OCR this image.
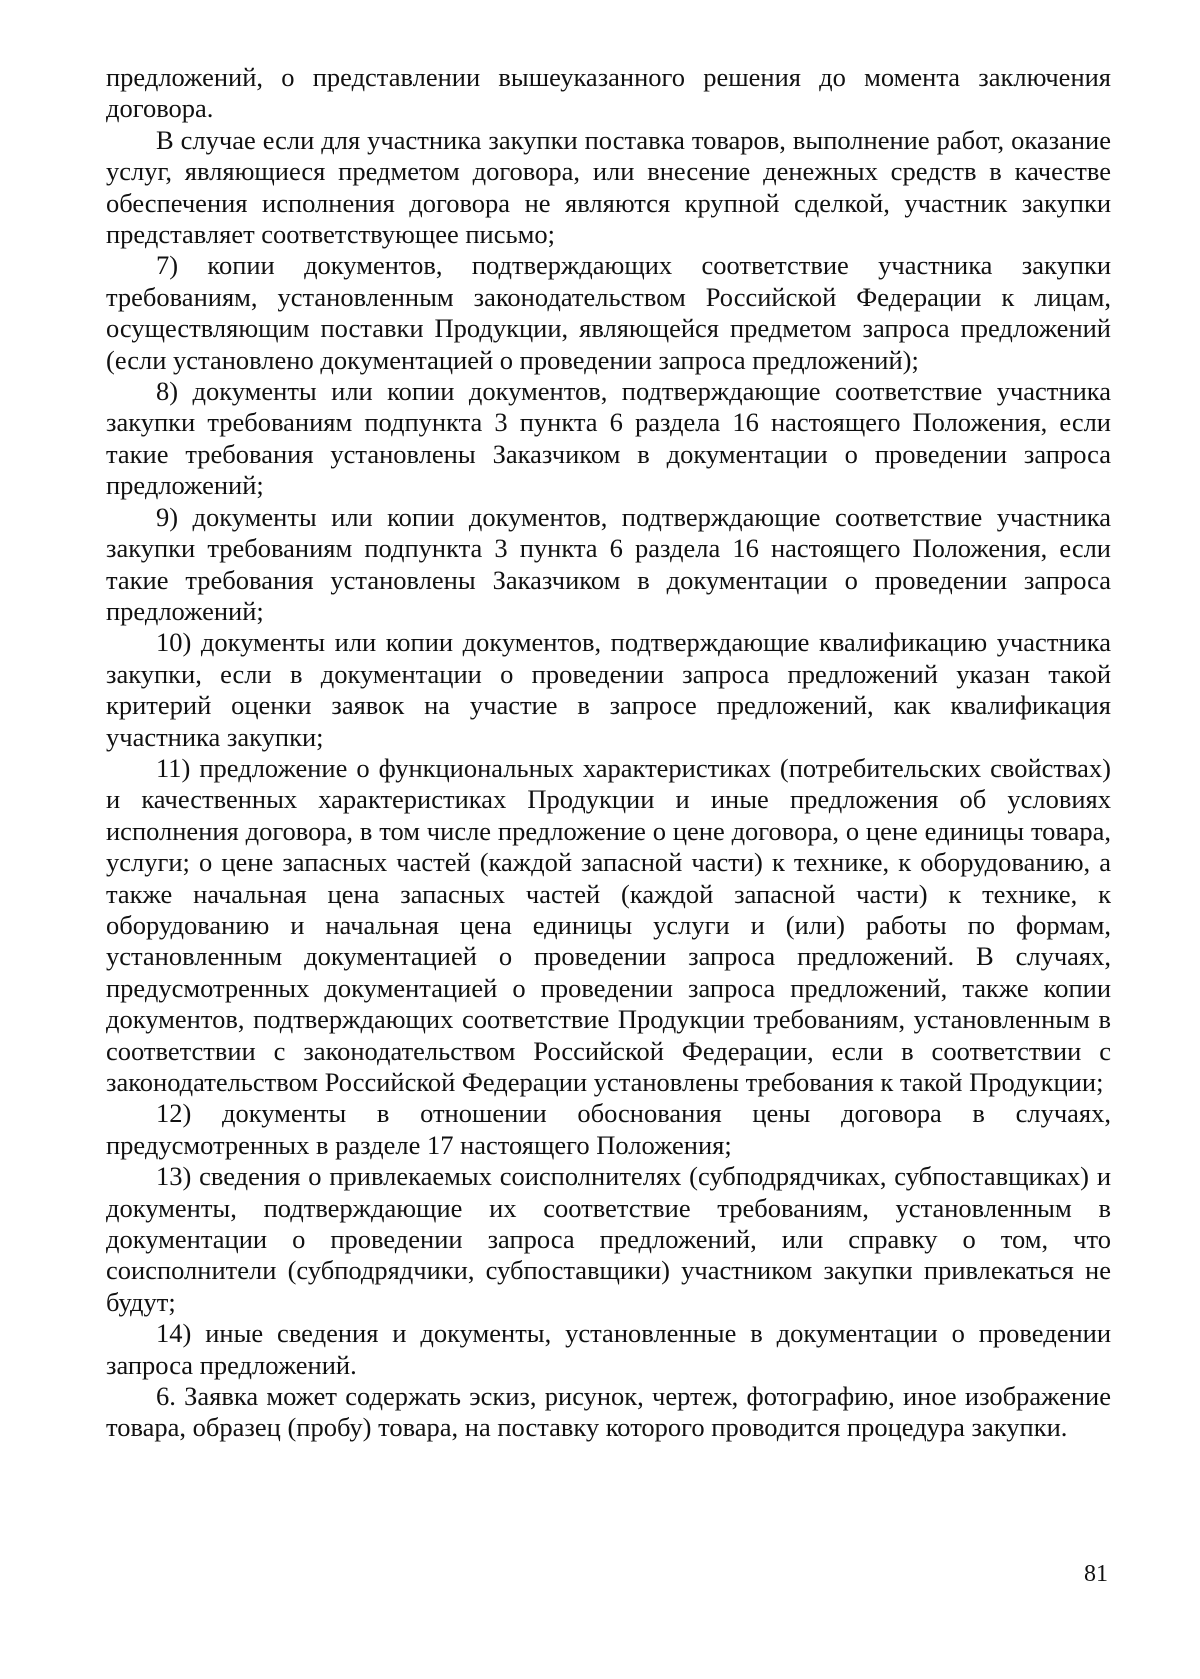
предложений, о представлении вышеуказанного решения до момента заключения договора.

В случае если для участника закупки поставка товаров, выполнение работ, оказание услуг, являющиеся предметом договора, или внесение денежных средств в качестве обеспечения исполнения договора не являются крупной сделкой, участник закупки представляет соответствующее письмо;

7) копии документов, подтверждающих соответствие участника закупки требованиям, установленным законодательством Российской Федерации к лицам, осуществляющим поставки Продукции, являющейся предметом запроса предложений (если установлено документацией о проведении запроса предложений);

8) документы или копии документов, подтверждающие соответствие участника закупки требованиям подпункта 3 пункта 6 раздела 16 настоящего Положения, если такие требования установлены Заказчиком в документации о проведении запроса предложений;

9) документы или копии документов, подтверждающие соответствие участника закупки требованиям подпункта 3 пункта 6 раздела 16 настоящего Положения, если такие требования установлены Заказчиком в документации о проведении запроса предложений;

10) документы или копии документов, подтверждающие квалификацию участника закупки, если в документации о проведении запроса предложений указан такой критерий оценки заявок на участие в запросе предложений, как квалификация участника закупки;

11) предложение о функциональных характеристиках (потребительских свойствах) и качественных характеристиках Продукции и иные предложения об условиях исполнения договора, в том числе предложение о цене договора, о цене единицы товара, услуги; о цене запасных частей (каждой запасной части) к технике, к оборудованию, а также начальная цена запасных частей (каждой запасной части) к технике, к оборудованию и начальная цена единицы услуги и (или) работы по формам, установленным документацией о проведении запроса предложений. В случаях, предусмотренных документацией о проведении запроса предложений, также копии документов, подтверждающих соответствие Продукции требованиям, установленным в соответствии с законодательством Российской Федерации, если в соответствии с законодательством Российской Федерации установлены требования к такой Продукции;

12) документы в отношении обоснования цены договора в случаях, предусмотренных в разделе 17 настоящего Положения;

13) сведения о привлекаемых соисполнителях (субподрядчиках, субпоставщиках) и документы, подтверждающие их соответствие требованиям, установленным в документации о проведении запроса предложений, или справку о том, что соисполнители (субподрядчики, субпоставщики) участником закупки привлекаться не будут;

14) иные сведения и документы, установленные в документации о проведении запроса предложений.

6. Заявка может содержать эскиз, рисунок, чертеж, фотографию, иное изображение товара, образец (пробу) товара, на поставку которого проводится процедура закупки.

81
